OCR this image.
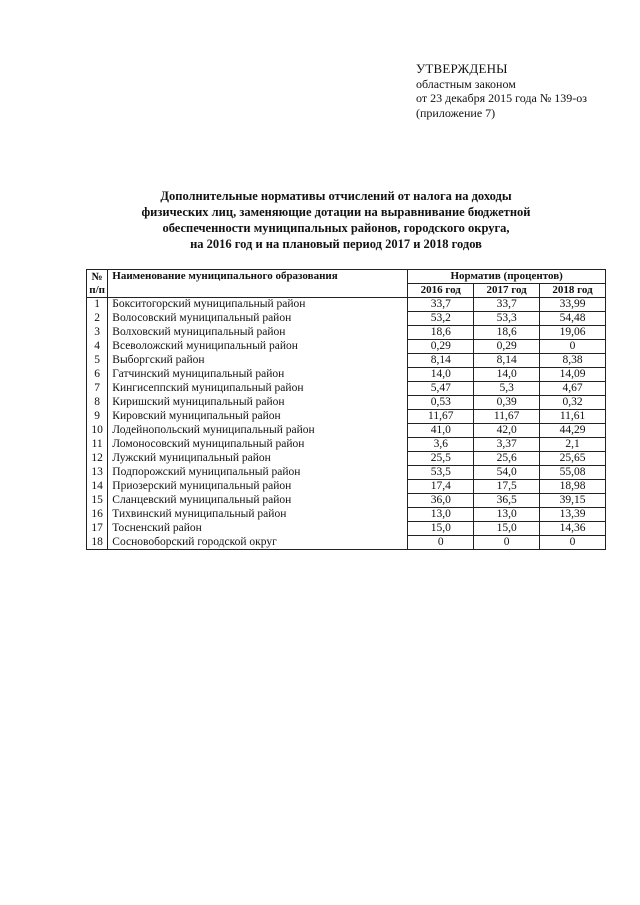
УТВЕРЖДЕНЫ
областным законом
от 23 декабря 2015 года № 139-оз
(приложение 7)
Дополнительные нормативы отчислений от налога на доходы
физических лиц, заменяющие дотации на выравнивание бюджетной
обеспеченности муниципальных районов, городского округа,
на 2016 год и на плановый период 2017 и 2018 годов
№
п/п	Наименование муниципального образования	Норматив (процентов)		
		2016 год	2017 год	2018 год
1	Бокситогорский муниципальный район	33,7	33,7	33,99
2	Волосовский муниципальный район	53,2	53,3	54,48
3	Волховский муниципальный район	18,6	18,6	19,06
4	Всеволожский муниципальный район	0,29	0,29	0
5	Выборгский район	8,14	8,14	8,38
6	Гатчинский муниципальный район	14,0	14,0	14,09
7	Кингисеппский муниципальный район	5,47	5,3	4,67
8	Киришский муниципальный район	0,53	0,39	0,32
9	Кировский муниципальный район	11,67	11,67	11,61
10	Лодейнопольский муниципальный район	41,0	42,0	44,29
11	Ломоносовский муниципальный район	3,6	3,37	2,1
12	Лужский муниципальный район	25,5	25,6	25,65
13	Подпорожский муниципальный район	53,5	54,0	55,08
14	Приозерский муниципальный район	17,4	17,5	18,98
15	Сланцевский муниципальный район	36,0	36,5	39,15
16	Тихвинский муниципальный район	13,0	13,0	13,39
17	Тосненский район	15,0	15,0	14,36
18	Сосновоборский городской округ	0	0	0
